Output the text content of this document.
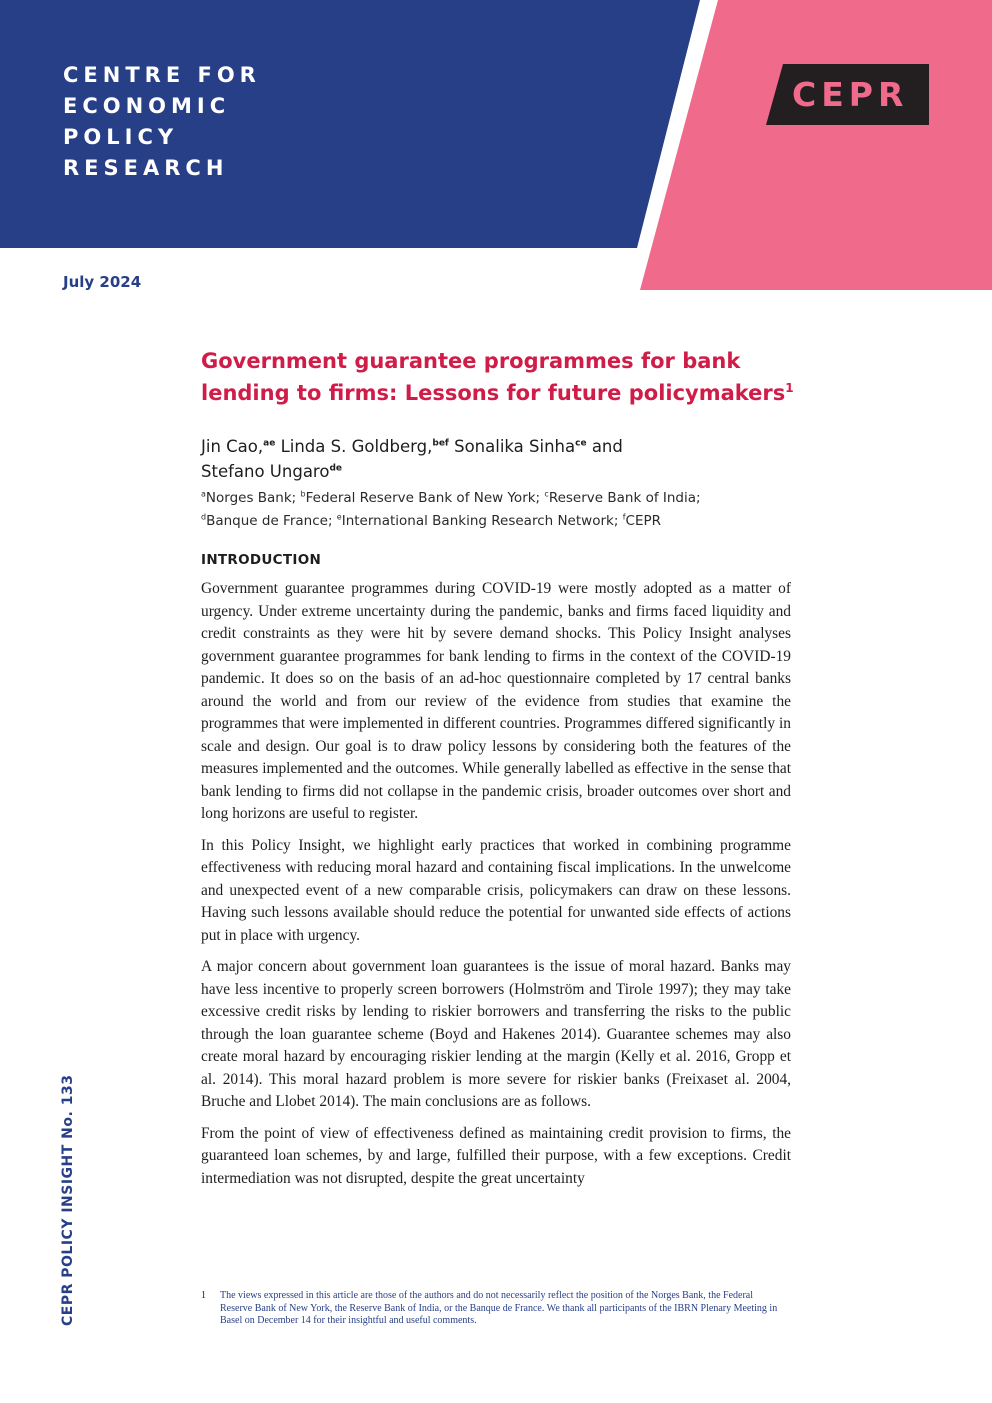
CENTRE FOR
ECONOMIC
POLICY
RESEARCH
CEPR
July 2024
Government guarantee programmes for bank lending to firms: Lessons for future policymakers$^1$

Jin Cao,$^{ae}$ Linda S. Goldberg,$^{bef}$ Sonalika Sinha$^{ce}$ and
Stefano Ungaro$^{de}$

$^a$Norges Bank; $^b$Federal Reserve Bank of New York; $^c$Reserve Bank of India;
$^d$Banque de France; $^e$International Banking Research Network; $^f$CEPR

INTRODUCTION

Government guarantee programmes during COVID-19 were mostly adopted as a matter of urgency. Under extreme uncertainty during the pandemic, banks and firms faced liquidity and credit constraints as they were hit by severe demand shocks. This Policy Insight analyses government guarantee programmes for bank lending to firms in the context of the COVID-19 pandemic. It does so on the basis of an ad-hoc questionnaire completed by 17 central banks around the world and from our review of the evidence from studies that examine the programmes that were implemented in different countries. Programmes differed significantly in scale and design. Our goal is to draw policy lessons by considering both the features of the measures implemented and the outcomes. While generally labelled as effective in the sense that bank lending to firms did not collapse in the pandemic crisis, broader outcomes over short and long horizons are useful to register.

In this Policy Insight, we highlight early practices that worked in combining programme effectiveness with reducing moral hazard and containing fiscal implications. In the unwelcome and unexpected event of a new comparable crisis, policymakers can draw on these lessons. Having such lessons available should reduce the potential for unwanted side effects of actions put in place with urgency.

A major concern about government loan guarantees is the issue of moral hazard. Banks may have less incentive to properly screen borrowers (Holmström and Tirole 1997); they may take excessive credit risks by lending to riskier borrowers and transferring the risks to the public through the loan guarantee scheme (Boyd and Hakenes 2014). Guarantee schemes may also create moral hazard by encouraging riskier lending at the margin (Kelly et al. 2016, Gropp et al. 2014). This moral hazard problem is more severe for riskier banks (Freixaset al. 2004, Bruche and Llobet 2014). The main conclusions are as follows.

From the point of view of effectiveness defined as maintaining credit provision to firms, the guaranteed loan schemes, by and large, fulfilled their purpose, with a few exceptions. Credit intermediation was not disrupted, despite the great uncertainty

1 The views expressed in this article are those of the authors and do not necessarily reflect the position of the Norges Bank, the Federal Reserve Bank of New York, the Reserve Bank of India, or the Banque de France. We thank all participants of the IBRN Plenary Meeting in Basel on December 14 for their insightful and useful comments.
CEPR POLICY INSIGHT No. 133
